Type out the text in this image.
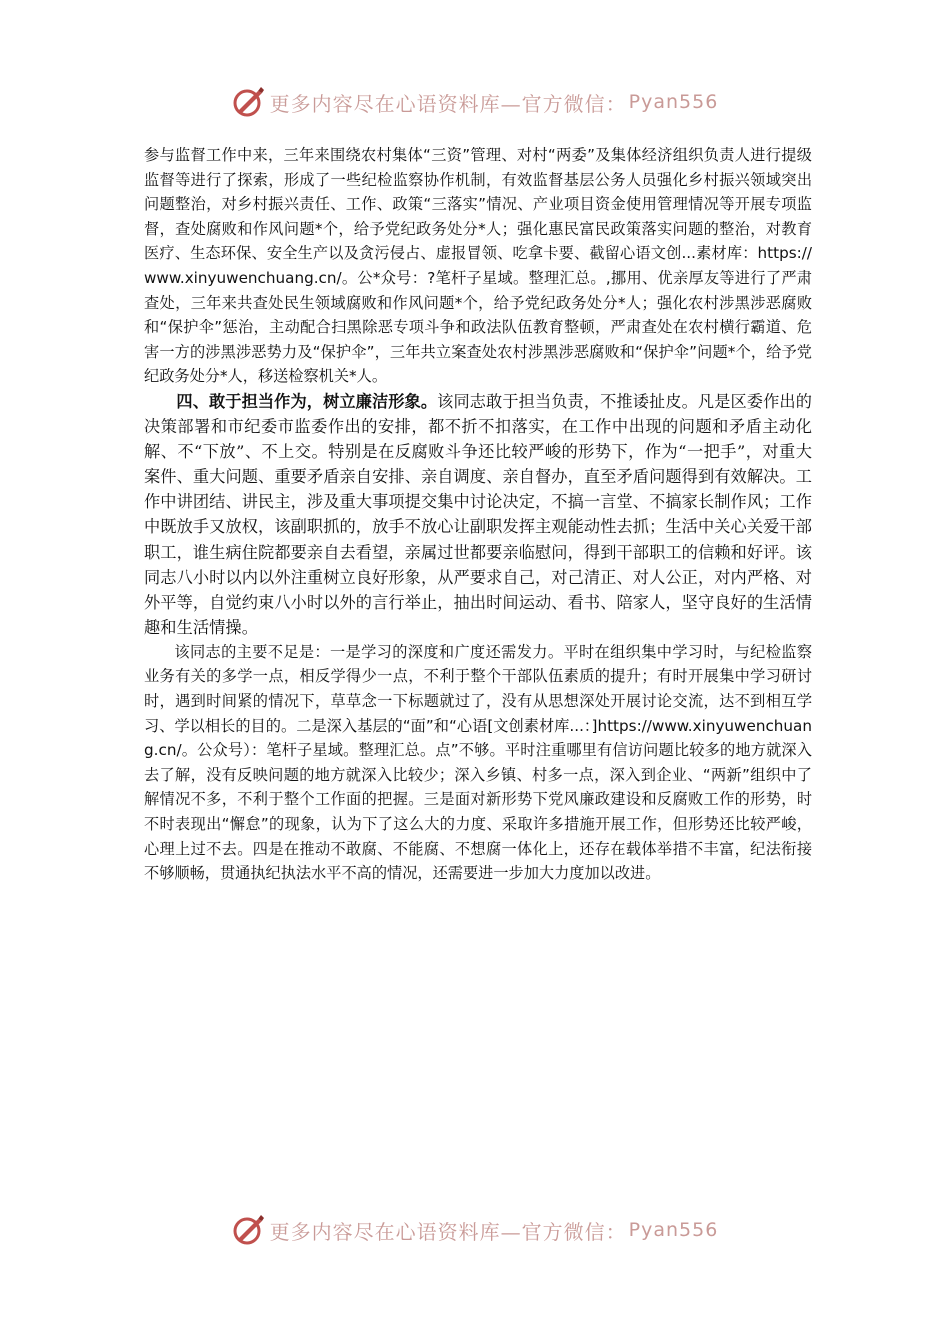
更多内容尽在心语资料库—官方微信： Pyan556

参与监督工作中来，三年来围绕农村集体“三资”管理、对村“两委”及集体经济组织负责人进行提级监督等进行了探索，形成了一些纪检监察协作机制，有效监督基层公务人员强化乡村振兴领域突出问题整治，对乡村振兴责任、工作、政策“三落实”情况、产业项目资金使用管理情况等开展专项监督，查处腐败和作风问题*个，给予党纪政务处分*人；强化惠民富民政策落实问题的整治，对教育医疗、生态环保、安全生产以及贪污侵占、虚报冒领、吃拿卡要、截留心语文创...素材库：https://www.xinyuwenchuang.cn/。公*众号：?笔杆子星域。整理汇总。,挪用、优亲厚友等进行了严肃查处，三年来共查处民生领域腐败和作风问题*个，给予党纪政务处分*人；强化农村涉黑涉恶腐败和“保护伞”惩治，主动配合扫黑除恶专项斗争和政法队伍教育整顿，严肃查处在农村横行霸道、危害一方的涉黑涉恶势力及“保护伞”，三年共立案查处农村涉黑涉恶腐败和“保护伞”问题*个，给予党纪政务处分*人，移送检察机关*人。

四、敢于担当作为，树立廉洁形象。该同志敢于担当负责，不推诿扯皮。凡是区委作出的决策部署和市纪委市监委作出的安排，都不折不扣落实，在工作中出现的问题和矛盾主动化解、不“下放”、不上交。特别是在反腐败斗争还比较严峻的形势下，作为“一把手”，对重大案件、重大问题、重要矛盾亲自安排、亲自调度、亲自督办，直至矛盾问题得到有效解决。工作中讲团结、讲民主，涉及重大事项提交集中讨论决定，不搞一言堂、不搞家长制作风；工作中既放手又放权，该副职抓的，放手不放心让副职发挥主观能动性去抓；生活中关心关爱干部职工，谁生病住院都要亲自去看望，亲属过世都要亲临慰问，得到干部职工的信赖和好评。该同志八小时以内以外注重树立良好形象，从严要求自己，对己清正、对人公正，对内严格、对外平等，自觉约束八小时以外的言行举止，抽出时间运动、看书、陪家人，坚守良好的生活情趣和生活情操。

该同志的主要不足是：一是学习的深度和广度还需发力。平时在组织集中学习时，与纪检监察业务有关的多学一点，相反学得少一点，不利于整个干部队伍素质的提升；有时开展集中学习研讨时，遇到时间紧的情况下，草草念一下标题就过了，没有从思想深处开展讨论交流，达不到相互学习、学以相长的目的。二是深入基层的“面”和“心语[文创素材库...：]https://www.xinyuwenchuang.cn/。公众号）：笔杆子星域。整理汇总。点”不够。平时注重哪里有信访问题比较多的地方就深入去了解，没有反映问题的地方就深入比较少；深入乡镇、村多一点，深入到企业、“两新”组织中了解情况不多，不利于整个工作面的把握。三是面对新形势下党风廉政建设和反腐败工作的形势，时不时表现出“懈怠”的现象，认为下了这么大的力度、采取许多措施开展工作，但形势还比较严峻，心理上过不去。四是在推动不敢腐、不能腐、不想腐一体化上，还存在载体举措不丰富，纪法衔接不够顺畅，贯通执纪执法水平不高的情况，还需要进一步加大力度加以改进。

更多内容尽在心语资料库—官方微信： Pyan556
